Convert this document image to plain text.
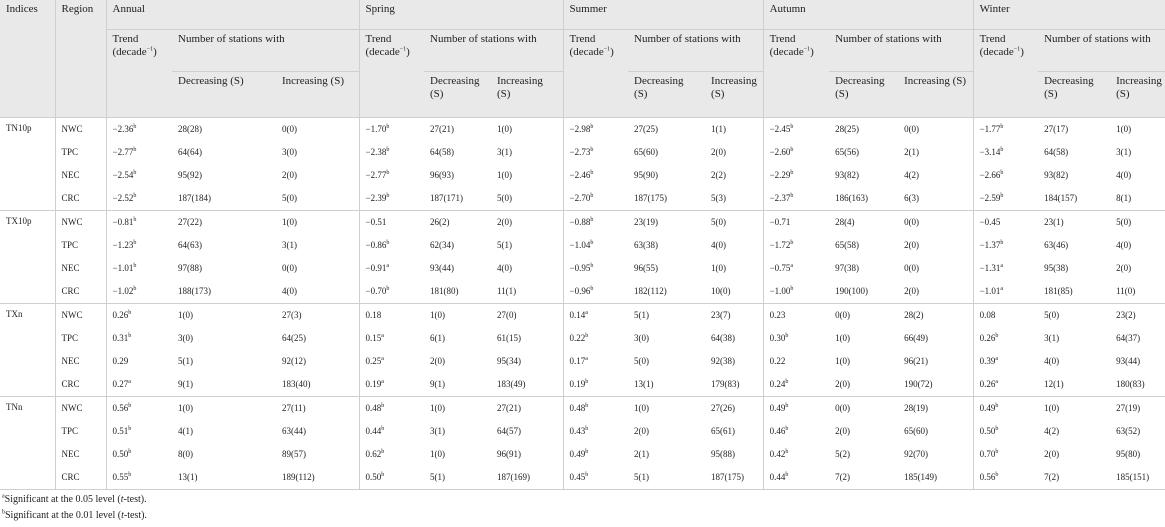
Indices	Region	Annual			Spring			Summer			Autumn			Winter		
		Trend (decade$^{-1}$)	Number of stations with		Trend (decade$^{-1}$)	Number of stations with		Trend (decade$^{-1}$)	Number of stations with		Trend (decade$^{-1}$)	Number of stations with		Trend (decade$^{-1}$)	Number of stations with	
			Decreasing (S)	Increasing (S)		Decreasing (S)	Increasing (S)		Decreasing (S)	Increasing (S)		Decreasing (S)	Increasing (S)		Decreasing (S)	Increasing (S)
TN10p	NWC	−2.36$^b$	28(28)	0(0)	−1.70$^b$	27(21)	1(0)	−2.98$^b$	27(25)	1(1)	−2.45$^b$	28(25)	0(0)	−1.77$^b$	27(17)	1(0)
	TPC	−2.77$^b$	64(64)	3(0)	−2.38$^b$	64(58)	3(1)	−2.73$^b$	65(60)	2(0)	−2.60$^b$	65(56)	2(1)	−3.14$^b$	64(58)	3(1)
	NEC	−2.54$^b$	95(92)	2(0)	−2.77$^b$	96(93)	1(0)	−2.46$^b$	95(90)	2(2)	−2.29$^b$	93(82)	4(2)	−2.66$^b$	93(82)	4(0)
	CRC	−2.52$^b$	187(184)	5(0)	−2.39$^b$	187(171)	5(0)	−2.70$^b$	187(175)	5(3)	−2.37$^b$	186(163)	6(3)	−2.59$^b$	184(157)	8(1)
TX10p	NWC	−0.81$^b$	27(22)	1(0)	−0.51	26(2)	2(0)	−0.88$^b$	23(19)	5(0)	−0.71	28(4)	0(0)	−0.45	23(1)	5(0)
	TPC	−1.23$^b$	64(63)	3(1)	−0.86$^b$	62(34)	5(1)	−1.04$^b$	63(38)	4(0)	−1.72$^b$	65(58)	2(0)	−1.37$^b$	63(46)	4(0)
	NEC	−1.01$^b$	97(88)	0(0)	−0.91$^a$	93(44)	4(0)	−0.95$^b$	96(55)	1(0)	−0.75$^a$	97(38)	0(0)	−1.31$^a$	95(38)	2(0)
	CRC	−1.02$^b$	188(173)	4(0)	−0.70$^b$	181(80)	11(1)	−0.96$^b$	182(112)	10(0)	−1.00$^b$	190(100)	2(0)	−1.01$^a$	181(85)	11(0)
TXn	NWC	0.26$^b$	1(0)	27(3)	0.18	1(0)	27(0)	0.14$^a$	5(1)	23(7)	0.23	0(0)	28(2)	0.08	5(0)	23(2)
	TPC	0.31$^b$	3(0)	64(25)	0.15$^a$	6(1)	61(15)	0.22$^b$	3(0)	64(38)	0.30$^b$	1(0)	66(49)	0.26$^b$	3(1)	64(37)
	NEC	0.29	5(1)	92(12)	0.25$^a$	2(0)	95(34)	0.17$^a$	5(0)	92(38)	0.22	1(0)	96(21)	0.39$^a$	4(0)	93(44)
	CRC	0.27$^a$	9(1)	183(40)	0.19$^a$	9(1)	183(49)	0.19$^b$	13(1)	179(83)	0.24$^b$	2(0)	190(72)	0.26$^a$	12(1)	180(83)
TNn	NWC	0.56$^b$	1(0)	27(11)	0.48$^b$	1(0)	27(21)	0.48$^b$	1(0)	27(26)	0.49$^b$	0(0)	28(19)	0.49$^b$	1(0)	27(19)
	TPC	0.51$^b$	4(1)	63(44)	0.44$^b$	3(1)	64(57)	0.43$^b$	2(0)	65(61)	0.46$^b$	2(0)	65(60)	0.50$^b$	4(2)	63(52)
	NEC	0.50$^b$	8(0)	89(57)	0.62$^b$	1(0)	96(91)	0.49$^b$	2(1)	95(88)	0.42$^b$	5(2)	92(70)	0.70$^b$	2(0)	95(80)
	CRC	0.55$^b$	13(1)	189(112)	0.50$^b$	5(1)	187(169)	0.45$^b$	5(1)	187(175)	0.44$^b$	7(2)	185(149)	0.56$^b$	7(2)	185(151)
$^a$Significant at the 0.05 level (t-test).
$^b$Significant at the 0.01 level (t-test).
